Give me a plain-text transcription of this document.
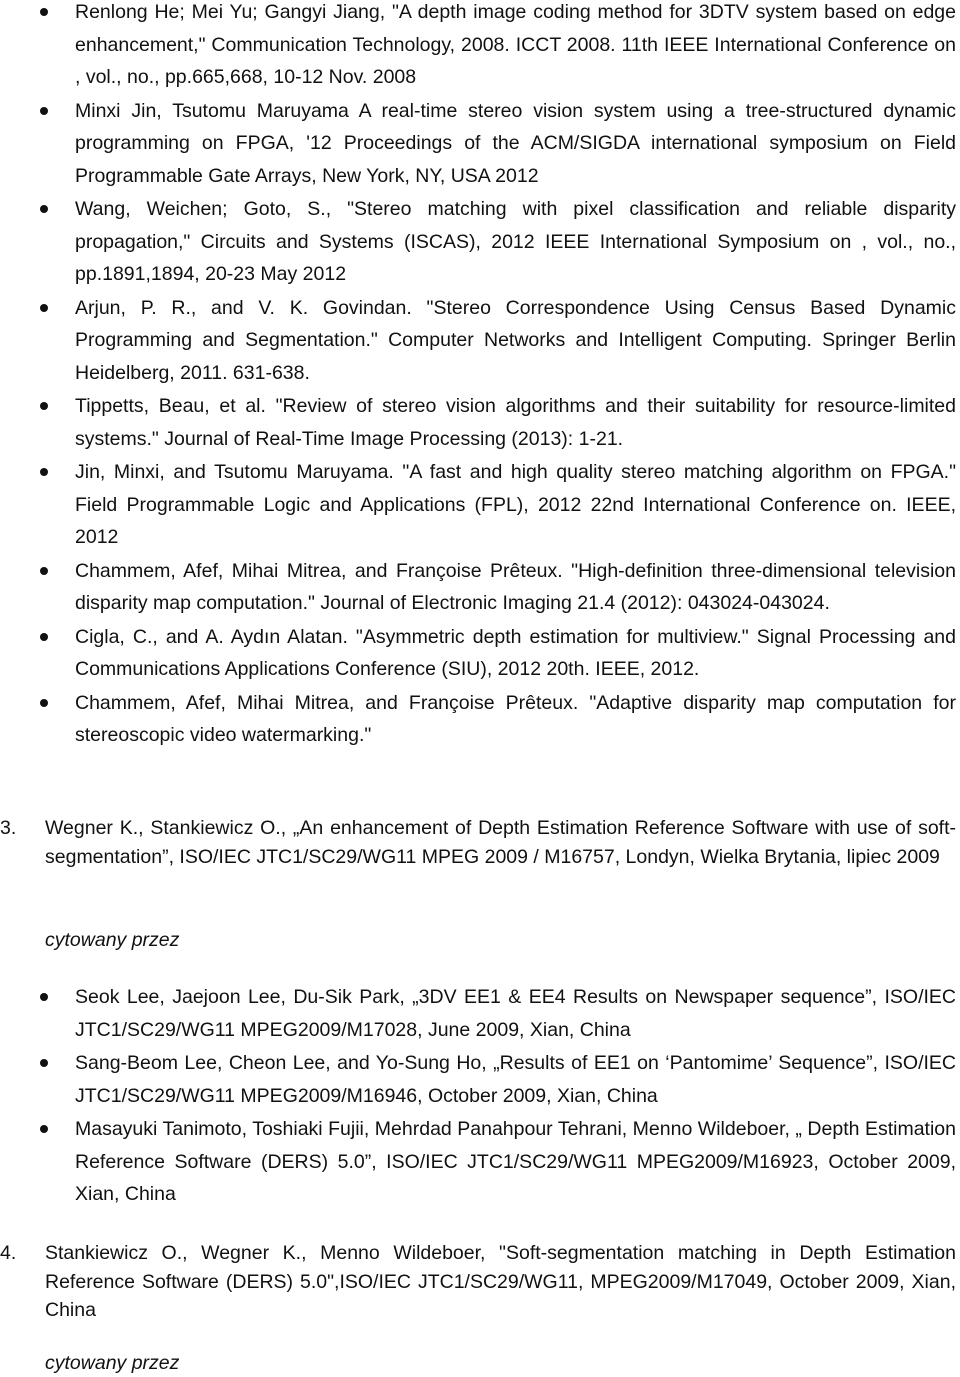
Renlong He; Mei Yu; Gangyi Jiang, "A depth image coding method for 3DTV system based on edge enhancement," Communication Technology, 2008. ICCT 2008. 11th IEEE International Conference on , vol., no., pp.665,668, 10-12 Nov. 2008
Minxi Jin, Tsutomu Maruyama A real-time stereo vision system using a tree-structured dynamic programming on FPGA, '12 Proceedings of the ACM/SIGDA international symposium on Field Programmable Gate Arrays, New York, NY, USA 2012
Wang, Weichen; Goto, S., "Stereo matching with pixel classification and reliable disparity propagation," Circuits and Systems (ISCAS), 2012 IEEE International Symposium on , vol., no., pp.1891,1894, 20-23 May 2012
Arjun, P. R., and V. K. Govindan. "Stereo Correspondence Using Census Based Dynamic Programming and Segmentation." Computer Networks and Intelligent Computing. Springer Berlin Heidelberg, 2011. 631-638.
Tippetts, Beau, et al. "Review of stereo vision algorithms and their suitability for resource-limited systems." Journal of Real-Time Image Processing (2013): 1-21.
Jin, Minxi, and Tsutomu Maruyama. "A fast and high quality stereo matching algorithm on FPGA." Field Programmable Logic and Applications (FPL), 2012 22nd International Conference on. IEEE, 2012
Chammem, Afef, Mihai Mitrea, and Françoise Prêteux. "High-definition three-dimensional television disparity map computation." Journal of Electronic Imaging 21.4 (2012): 043024-043024.
Cigla, C., and A. Aydın Alatan. "Asymmetric depth estimation for multiview." Signal Processing and Communications Applications Conference (SIU), 2012 20th. IEEE, 2012.
Chammem, Afef, Mihai Mitrea, and Françoise Prêteux. "Adaptive disparity map computation for stereoscopic video watermarking."
3. Wegner K., Stankiewicz O., „An enhancement of Depth Estimation Reference Software with use of soft-segmentation”, ISO/IEC JTC1/SC29/WG11 MPEG 2009 / M16757, Londyn, Wielka Brytania, lipiec 2009
cytowany przez
Seok Lee, Jaejoon Lee, Du-Sik Park, „3DV EE1 & EE4 Results on Newspaper sequence”, ISO/IEC JTC1/SC29/WG11 MPEG2009/M17028, June 2009, Xian, China
Sang-Beom Lee, Cheon Lee, and Yo-Sung Ho, „Results of EE1 on ‘Pantomime’ Sequence”, ISO/IEC JTC1/SC29/WG11 MPEG2009/M16946, October 2009, Xian, China
Masayuki Tanimoto, Toshiaki Fujii, Mehrdad Panahpour Tehrani, Menno Wildeboer, „ Depth Estimation Reference Software (DERS) 5.0”, ISO/IEC JTC1/SC29/WG11 MPEG2009/M16923, October 2009, Xian, China
4. Stankiewicz O., Wegner K., Menno Wildeboer, "Soft-segmentation matching in Depth Estimation Reference Software (DERS) 5.0",ISO/IEC JTC1/SC29/WG11, MPEG2009/M17049, October 2009, Xian, China
cytowany przez
